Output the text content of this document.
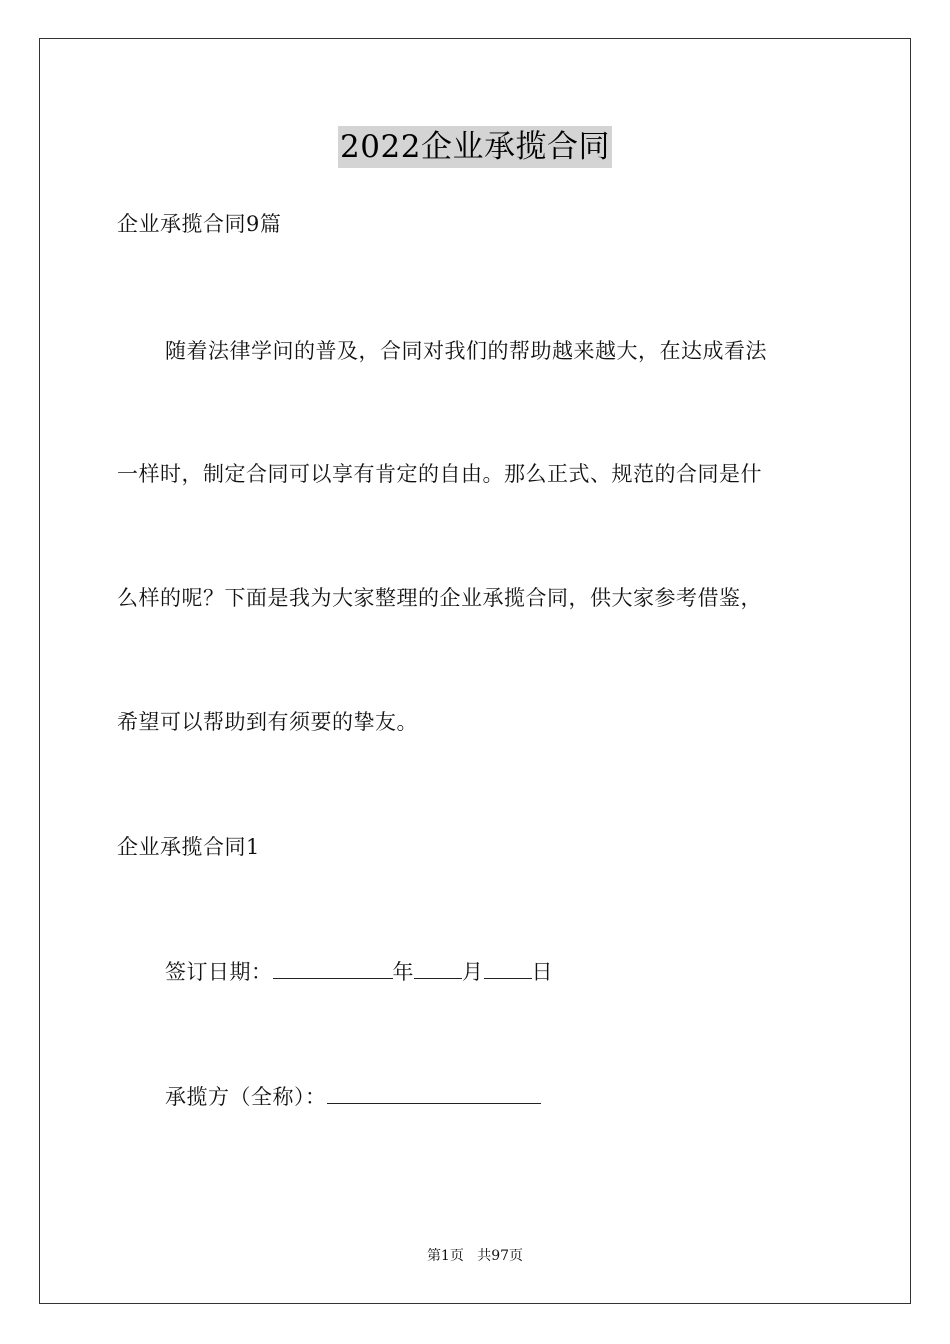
2022企业承揽合同
企业承揽合同9篇
随着法律学问的普及，合同对我们的帮助越来越大，在达成看法
一样时，制定合同可以享有肯定的自由。那么正式、规范的合同是什
么样的呢？下面是我为大家整理的企业承揽合同，供大家参考借鉴，
希望可以帮助到有须要的挚友。
企业承揽合同1
签订日期：	年 月 日
承揽方（全称）：
第1页 共97页
